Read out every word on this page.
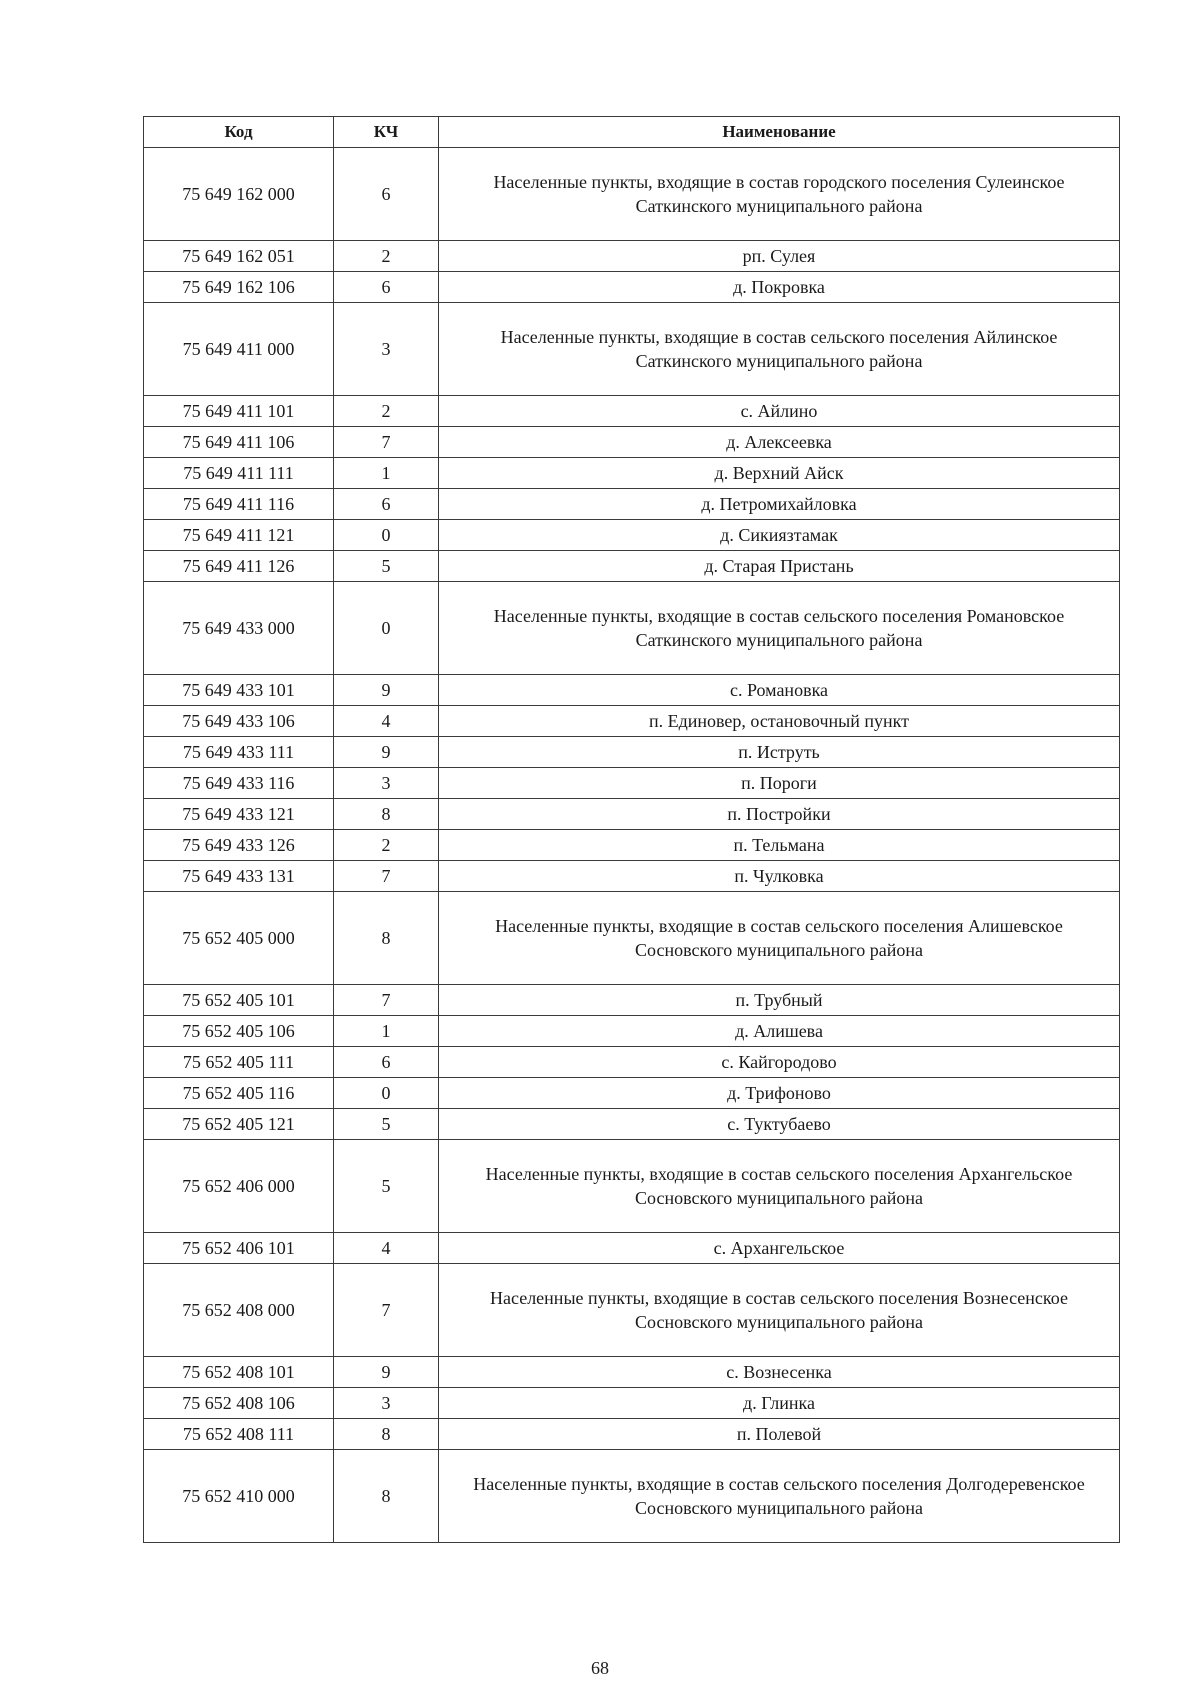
Код	КЧ	Наименование
75 649 162 000	6	Населенные пункты, входящие в состав городского поселения Сулеинское Саткинского муниципального района
75 649 162 051	2	рп. Сулея
75 649 162 106	6	д. Покровка
75 649 411 000	3	Населенные пункты, входящие в состав сельского поселения Айлинское Саткинского муниципального района
75 649 411 101	2	с. Айлино
75 649 411 106	7	д. Алексеевка
75 649 411 111	1	д. Верхний Айск
75 649 411 116	6	д. Петромихайловка
75 649 411 121	0	д. Сикиязтамак
75 649 411 126	5	д. Старая Пристань
75 649 433 000	0	Населенные пункты, входящие в состав сельского поселения Романовское Саткинского муниципального района
75 649 433 101	9	с. Романовка
75 649 433 106	4	п. Единовер, остановочный пункт
75 649 433 111	9	п. Иструть
75 649 433 116	3	п. Пороги
75 649 433 121	8	п. Постройки
75 649 433 126	2	п. Тельмана
75 649 433 131	7	п. Чулковка
75 652 405 000	8	Населенные пункты, входящие в состав сельского поселения Алишевское Сосновского муниципального района
75 652 405 101	7	п. Трубный
75 652 405 106	1	д. Алишева
75 652 405 111	6	с. Кайгородово
75 652 405 116	0	д. Трифоново
75 652 405 121	5	с. Туктубаево
75 652 406 000	5	Населенные пункты, входящие в состав сельского поселения Архангельское Сосновского муниципального района
75 652 406 101	4	с. Архангельское
75 652 408 000	7	Населенные пункты, входящие в состав сельского поселения Вознесенское Сосновского муниципального района
75 652 408 101	9	с. Вознесенка
75 652 408 106	3	д. Глинка
75 652 408 111	8	п. Полевой
75 652 410 000	8	Населенные пункты, входящие в состав сельского поселения Долгодеревенское Сосновского муниципального района
68
